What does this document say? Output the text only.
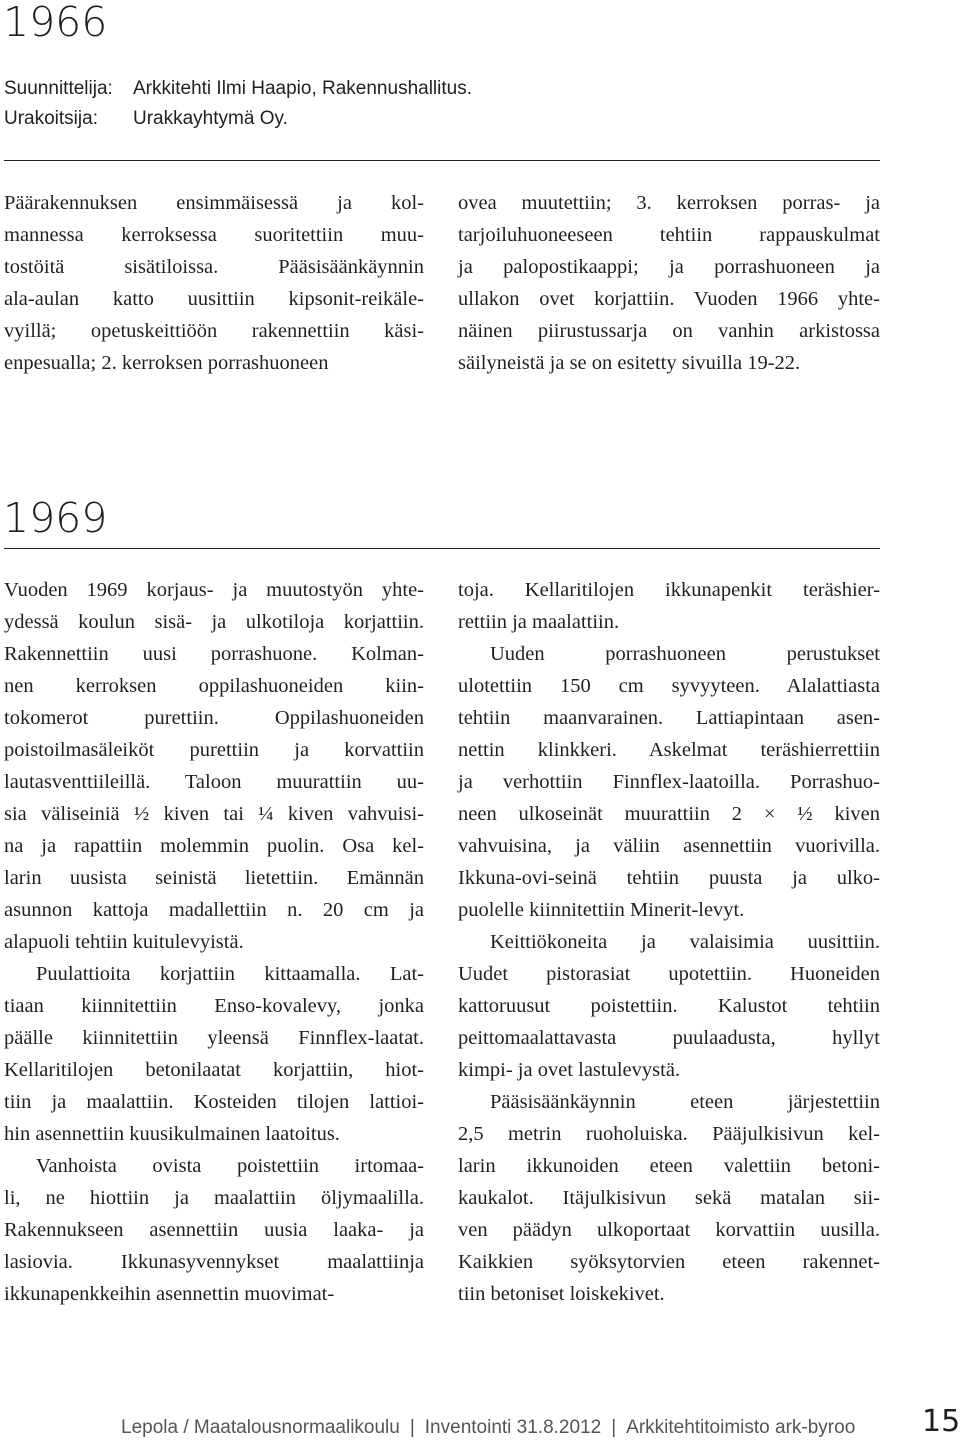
1966
Suunnittelija: Arkkitehti Ilmi Haapio, Rakennushallitus.
Urakoitsija: Urakkayhtymä Oy.

Päärakennuksen ensimmäisessä ja kol-
mannessa kerroksessa suoritettiin muu-
tostöitä sisätiloissa. Pääsisäänkäynnin
ala-aulan katto uusittiin kipsonit-reikäle-
vyillä; opetuskeittiöön rakennettiin käsi-
enpesualla; 2. kerroksen porrashuoneen

ovea muutettiin; 3. kerroksen porras- ja
tarjoiluhuoneeseen tehtiin rappauskulmat
ja palopostikaappi; ja porrashuoneen ja
ullakon ovet korjattiin. Vuoden 1966 yhte-
näinen piirustussarja on vanhin arkistossa
säilyneistä ja se on esitetty sivuilla 19-22.

1969

Vuoden 1969 korjaus- ja muutostyön yhte-
ydessä koulun sisä- ja ulkotiloja korjattiin.
Rakennettiin uusi porrashuone. Kolman-
nen kerroksen oppilashuoneiden kiin-
tokomerot purettiin. Oppilashuoneiden
poistoilmasäleiköt purettiin ja korvattiin
lautasventtiileillä. Taloon muurattiin uu-
sia väliseiniä ½ kiven tai ¼ kiven vahvuisi-
na ja rapattiin molemmin puolin. Osa kel-
larin uusista seinistä lietettiin. Emännän
asunnon kattoja madallettiin n. 20 cm ja
alapuoli tehtiin kuitulevyistä.

Puulattioita korjattiin kittaamalla. Lat-
tiaan kiinnitettiin Enso-kovalevy, jonka
päälle kiinnitettiin yleensä Finnflex-laatat.
Kellaritilojen betonilaatat korjattiin, hiot-
tiin ja maalattiin. Kosteiden tilojen lattioi-
hin asennettiin kuusikulmainen laatoitus.

Vanhoista ovista poistettiin irtomaa-
li, ne hiottiin ja maalattiin öljymaalilla.
Rakennukseen asennettiin uusia laaka- ja
lasiovia. Ikkunasyvennykset maalattiinja
ikkunapenkkeihin asennettin muovimat-

toja. Kellaritilojen ikkunapenkit teräshier-
rettiin ja maalattiin.

Uuden porrashuoneen perustukset
ulotettiin 150 cm syvyyteen. Alalattiasta
tehtiin maanvarainen. Lattiapintaan asen-
nettin klinkkeri. Askelmat teräshierrettiin
ja verhottiin Finnflex-laatoilla. Porrashuo-
neen ulkoseinät muurattiin 2 × ½ kiven
vahvuisina, ja väliin asennettiin vuorivilla.
Ikkuna-ovi-seinä tehtiin puusta ja ulko-
puolelle kiinnitettiin Minerit-levyt.

Keittiökoneita ja valaisimia uusittiin.
Uudet pistorasiat upotettiin. Huoneiden
kattoruusut poistettiin. Kalustot tehtiin
peittomaalattavasta puulaadusta, hyllyt
kimpi- ja ovet lastulevystä.

Pääsisäänkäynnin eteen järjestettiin
2,5 metrin ruoholuiska. Pääjulkisivun kel-
larin ikkunoiden eteen valettiin betoni-
kaukalot. Itäjulkisivun sekä matalan sii-
ven päädyn ulkoportaat korvattiin uusilla.
Kaikkien syöksytorvien eteen rakennet-
tiin betoniset loiskekivet.

Lepola / Maatalousnormaalikoulu | Inventointi 31.8.2012 | Arkkitehtitoimisto ark-byroo 15
